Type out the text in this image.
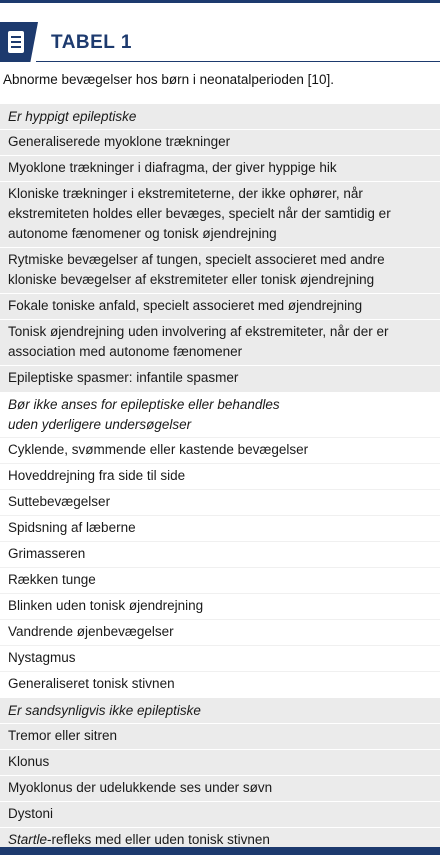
TABEL 1
Abnorme bevægelser hos børn i neonatalperioden [10].
Er hyppigt epileptiske
Generaliserede myoklone trækninger
Myoklone trækninger i diafragma, der giver hyppige hik
Kloniske trækninger i ekstremiteterne, der ikke ophører, når ekstremiteten holdes eller bevæges, specielt når der samtidig er autonome fænomener og tonisk øjendrejning
Rytmiske bevægelser af tungen, specielt associeret med andre kloniske bevægelser af ekstremiteter eller tonisk øjendrejning
Fokale toniske anfald, specielt associeret med øjendrejning
Tonisk øjendrejning uden involvering af ekstremiteter, når der er association med autonome fænomener
Epileptiske spasmer: infantile spasmer
Bør ikke anses for epileptiske eller behandles uden yderligere undersøgelser
Cyklende, svømmende eller kastende bevægelser
Hoveddrejning fra side til side
Suttebevægelser
Spidsning af læberne
Grimasseren
Rækken tunge
Blinken uden tonisk øjendrejning
Vandrende øjenbevægelser
Nystagmus
Generaliseret tonisk stivnen
Er sandsynligvis ikke epileptiske
Tremor eller sitren
Klonus
Myoklonus der udelukkende ses under søvn
Dystoni
Startle-refleks med eller uden tonisk stivnen
